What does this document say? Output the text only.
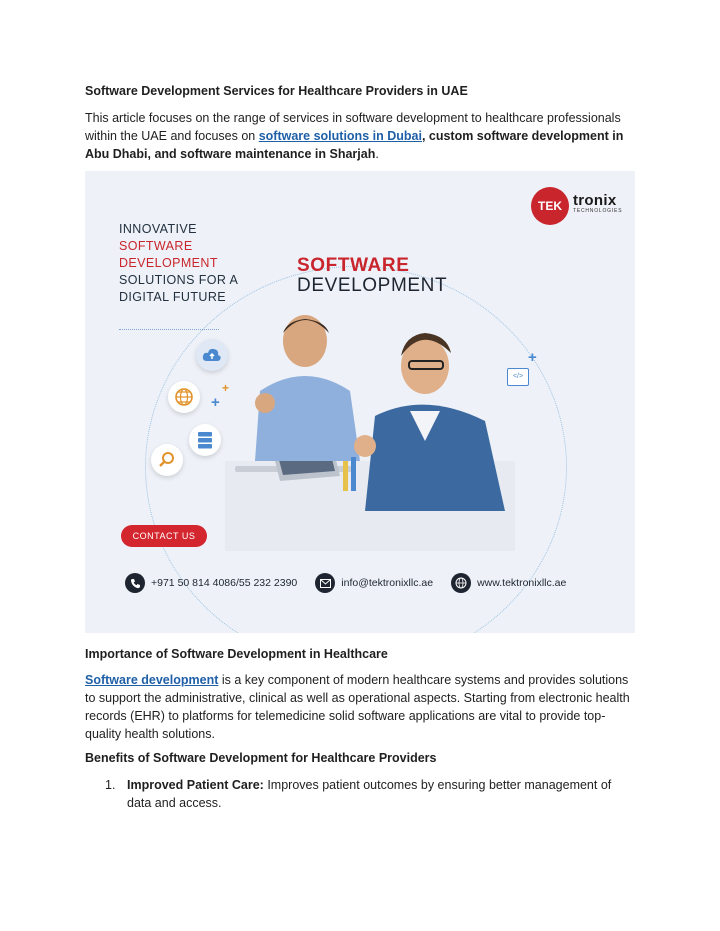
Software Development Services for Healthcare Providers in UAE
This article focuses on the range of services in software development to healthcare professionals within the UAE and focuses on software solutions in Dubai, custom software development in Abu Dhabi, and software maintenance in Sharjah.
TEK tronix
TECHNOLOGIES
INNOVATIVE
SOFTWARE
DEVELOPMENT
SOLUTIONS FOR A
DIGITAL FUTURE
SOFTWARE
DEVELOPMENT
+
+
</>
+
CONTACT US
+971 50 814 4086/55 232 2390	info@tektronixllc.ae	www.tektronixllc.ae
Importance of Software Development in Healthcare
Software development is a key component of modern healthcare systems and provides solutions to support the administrative, clinical as well as operational aspects. Starting from electronic health records (EHR) to platforms for telemedicine solid software applications are vital to provide top-quality health solutions.
Benefits of Software Development for Healthcare Providers
1. Improved Patient Care: Improves patient outcomes by ensuring better management of data and access.
